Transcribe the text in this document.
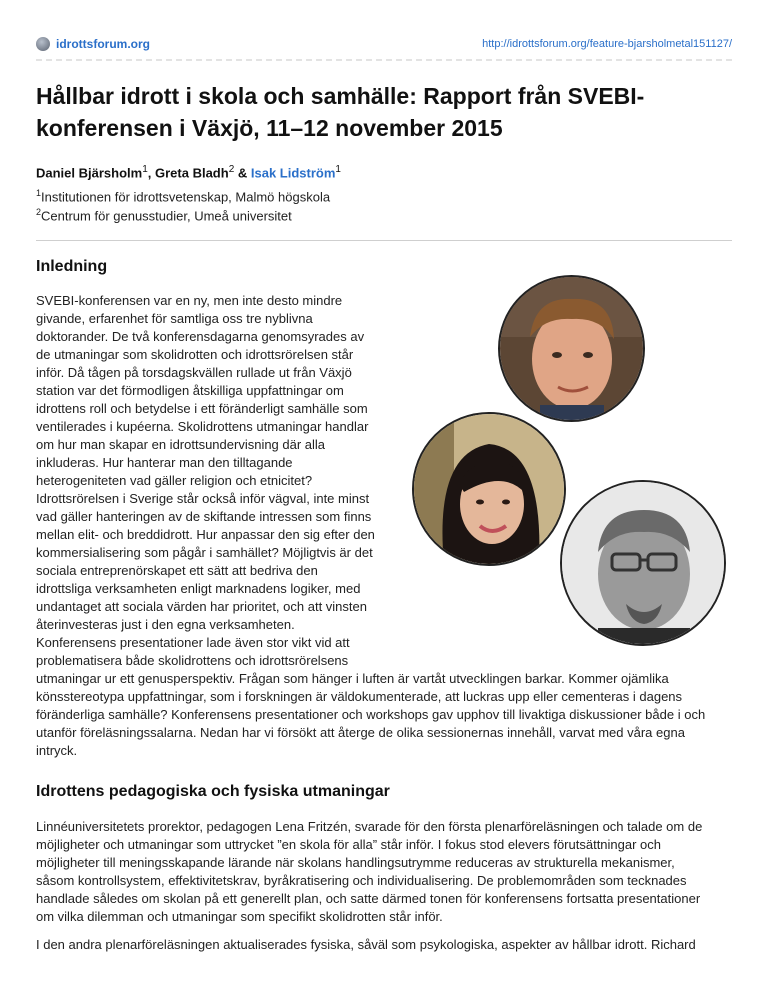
idrottsforum.org	http://idrottsforum.org/feature-bjarsholmetal151127/
Hållbar idrott i skola och samhälle: Rapport från SVEBI-konferensen i Växjö, 11–12 november 2015
Daniel Bjärsholm$^1$, Greta Bladh$^2$ & Isak Lidström$^1$
$^1$Institutionen för idrottsvetenskap, Malmö högskola
$^2$Centrum för genusstudier, Umeå universitet
Inledning
SVEBI-konferensen var en ny, men inte desto mindre
givande, erfarenhet för samtliga oss tre nyblivna
doktorander. De två konferensdagarna genomsyrades av
de utmaningar som skolidrotten och idrottsrörelsen står
inför. Då tågen på torsdagskvällen rullade ut från Växjö
station var det förmodligen åtskilliga uppfattningar om
idrottens roll och betydelse i ett föränderligt samhälle som
ventilerades i kupéerna. Skolidrottens utmaningar handlar
om hur man skapar en idrottsundervisning där alla
inkluderas. Hur hanterar man den tilltagande
heterogeniteten vad gäller religion och etnicitet?
Idrottsrörelsen i Sverige står också inför vägval, inte minst
vad gäller hanteringen av de skiftande intressen som finns
mellan elit- och breddidrott. Hur anpassar den sig efter den
kommersialisering som pågår i samhället? Möjligtvis är det
sociala entreprenörskapet ett sätt att bedriva den
idrottsliga verksamheten enligt marknadens logiker, med
undantaget att sociala värden har prioritet, och att vinsten
återinvesteras just i den egna verksamheten.
Konferensens presentationer lade även stor vikt vid att
problematisera både skolidrottens och idrottsrörelsens
utmaningar ur ett genusperspektiv. Frågan som hänger i luften är vartåt utvecklingen barkar. Kommer ojämlika
könsstereotypa uppfattningar, som i forskningen är väldokumenterade, att luckras upp eller cementeras i dagens
föränderliga samhälle? Konferensens presentationer och workshops gav upphov till livaktiga diskussioner både i och
utanför föreläsningssalarna. Nedan har vi försökt att återge de olika sessionernas innehåll, varvat med våra egna
intryck.
Idrottens pedagogiska och fysiska utmaningar
Linnéuniversitetets prorektor, pedagogen Lena Fritzén, svarade för den första plenarföreläsningen och talade om de
möjligheter och utmaningar som uttrycket ”en skola för alla” står inför. I fokus stod elevers förutsättningar och
möjligheter till meningsskapande lärande när skolans handlingsutrymme reduceras av strukturella mekanismer,
såsom kontrollsystem, effektivitetskrav, byråkratisering och individualisering. De problemområden som tecknades
handlade således om skolan på ett generellt plan, och satte därmed tonen för konferensens fortsatta presentationer
om vilka dilemman och utmaningar som specifikt skolidrotten står inför.
I den andra plenarföreläsningen aktualiserades fysiska, såväl som psykologiska, aspekter av hållbar idrott. Richard
